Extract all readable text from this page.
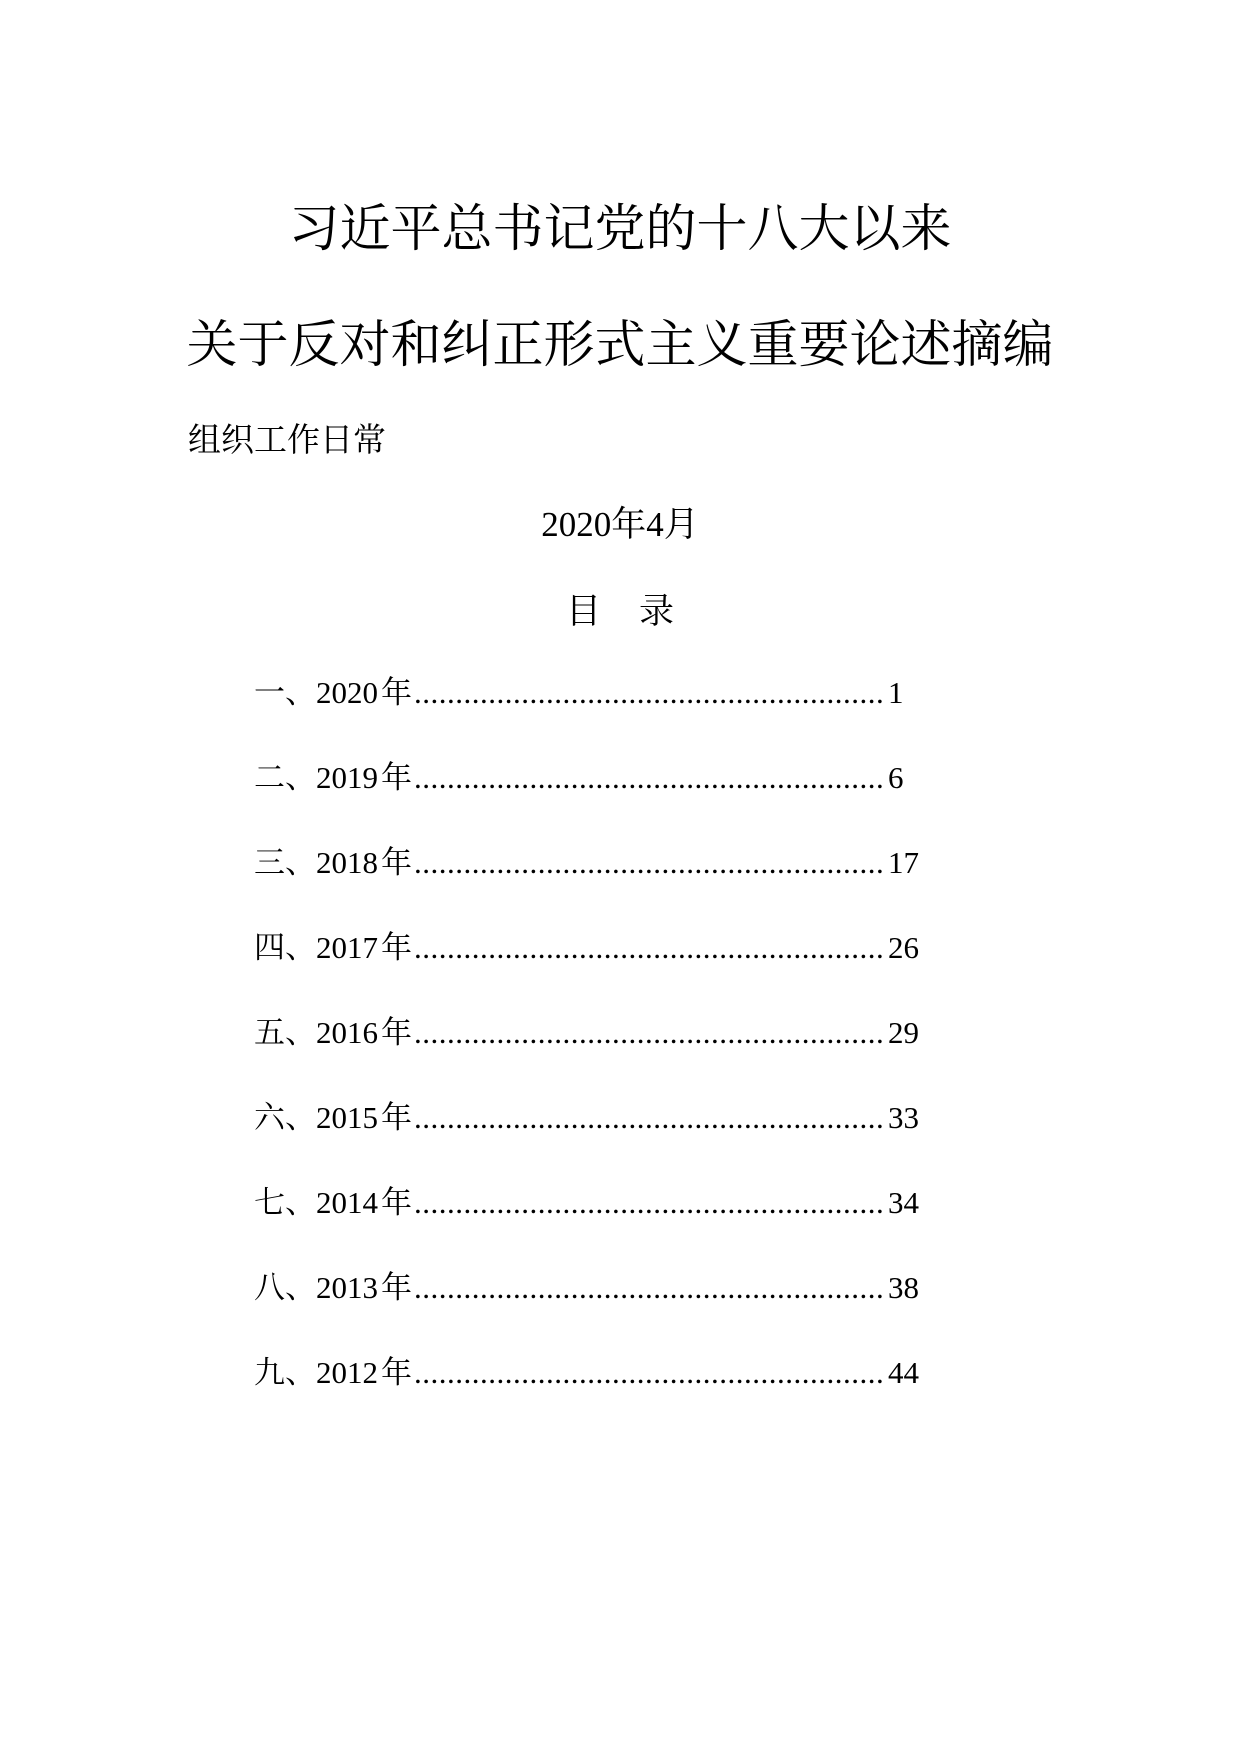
习近平总书记党的十八大以来
关于反对和纠正形式主义重要论述摘编
组织工作日常
2020年4月
目录
一、 2020 年 .....	1
二、 2019 年 .....	6
三、 2018 年 .....	17
四、 2017 年 .....	26
五、 2016 年 .....	29
六、 2015 年 .....	33
七、 2014 年 .....	34
八、 2013 年 .....	38
九、 2012 年 .....	44
